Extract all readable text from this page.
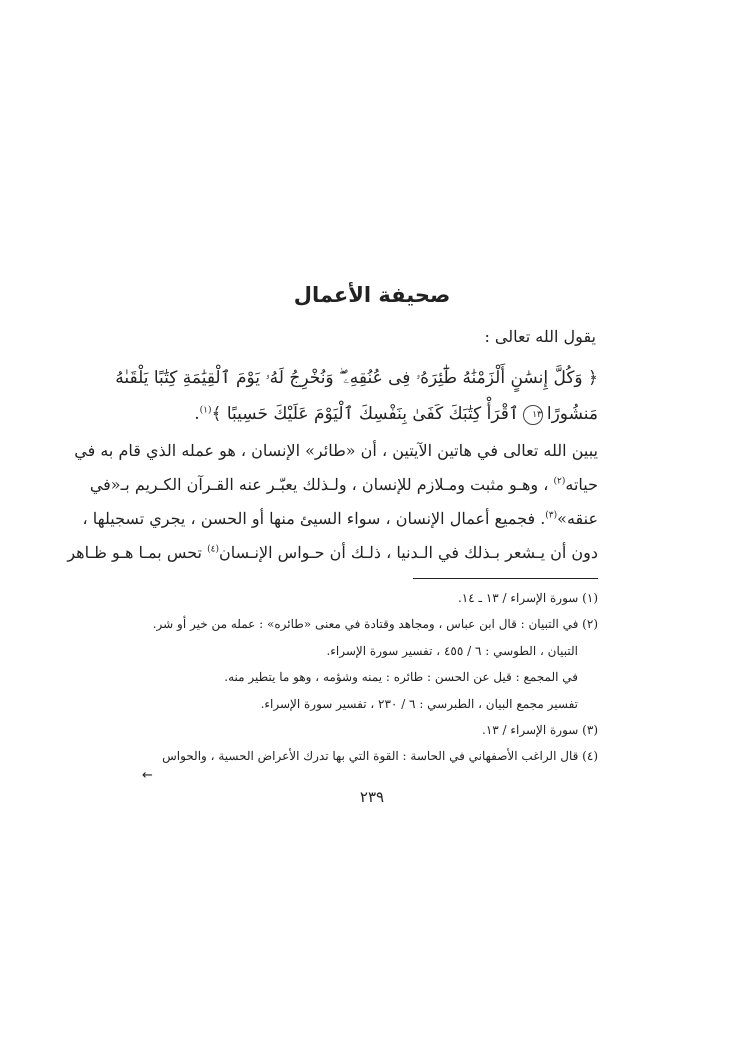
صحيفة الأعمال

يقول الله تعالى :

﴿ وَكُلَّ إِنسَٰنٍ أَلْزَمْنَٰهُ طَٰٓئِرَهُۥ فِى عُنُقِهِۦ ۖ وَنُخْرِجُ لَهُۥ يَوْمَ ٱلْقِيَٰمَةِ كِتَٰبًا يَلْقَىٰهُ

مَنشُورًا١٣ٱقْرَأْ كِتَٰبَكَ كَفَىٰ بِنَفْسِكَ ٱلْيَوْمَ عَلَيْكَ حَسِيبًا ﴾$^{(١)}$.

يبين الله تعالى في هاتين الآيتين ، أن «طائر» الإنسان ، هو عمله الذي قام به في

حياته$^{(٢)}$ ، وهـو مثبت ومـلازم للإنسان ، ولـذلك يعبّـر عنه القـرآن الكـريم بـ«في

عنقه»$^{(٣)}$. فجميع أعمال الإنسان ، سواء السيئ منها أو الحسن ، يجري تسجيلها ،

دون أن يـشعر بـذلك في الـدنيا ، ذلـك أن حـواس الإنـسان$^{(٤)}$ تحس بمـا هـو ظـاهر

(١) سورة الإسراء / ١٣ ـ ١٤.

(٢) في التبيان : قال ابن عباس ، ومجاهد وقتادة في معنى «طائره» : عمله من خير أو شر.

التبيان ، الطوسي : ٦ / ٤٥٥ ، تفسير سورة الإسراء.

في المجمع : قيل عن الحسن : طائره : يمنه وشؤمه ، وهو ما يتطير منه.

تفسير مجمع البيان ، الطبرسي : ٦ / ٢٣٠ ، تفسير سورة الإسراء.

(٣) سورة الإسراء / ١٣.

(٤) قال الراغب الأصفهاني في الحاسة : القوة التي بها تدرك الأعراض الحسية ، والحواس

←

٢٣٩
